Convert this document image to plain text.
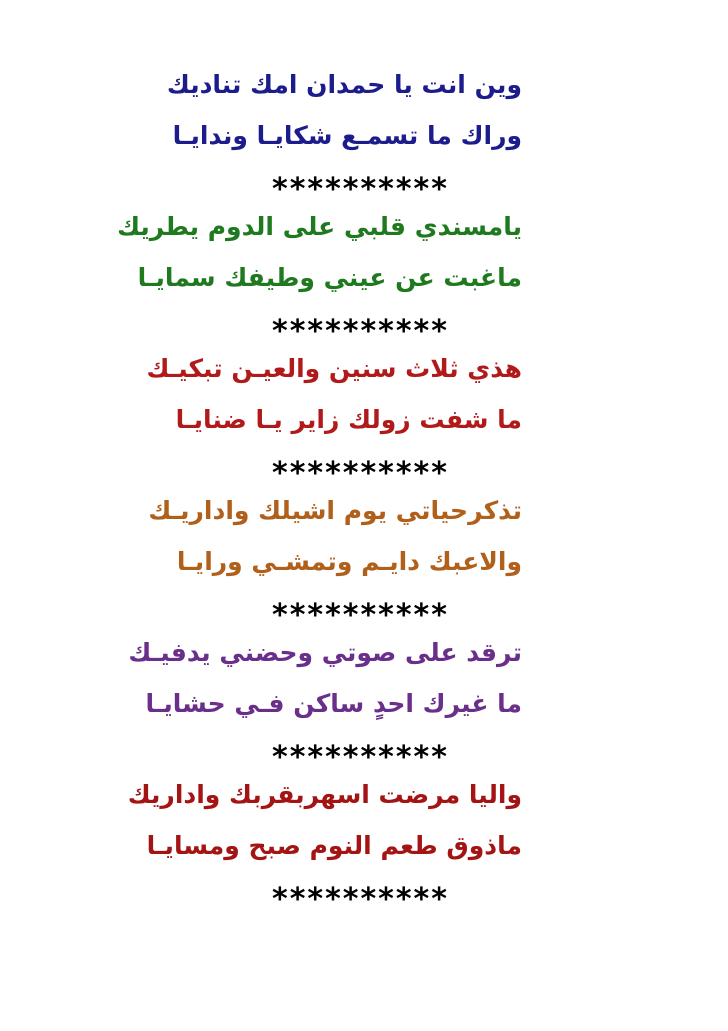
وين انت يا حمدان امك تناديك
وراك ما تسمـع شكايـا وندايـا
**********
يامسندي قلبي على الدوم يطريك
ماغبت عن عيني وطيفك سمايـا
**********
هذي ثلاث سنين والعيـن تبكيـك
ما شفت زولك زاير يـا ضنايـا
**********
تذكرحياتي يوم اشيلك واداريـك
والاعبك دايـم وتمشـي ورايـا
**********
ترقد على صوتي وحضني يدفيـك
ما غيرك احدٍ ساكن فـي حشايـا
**********
واليا مرضت اسهربقربك واداريك
ماذوق طعم النوم صبح ومسايـا
**********
